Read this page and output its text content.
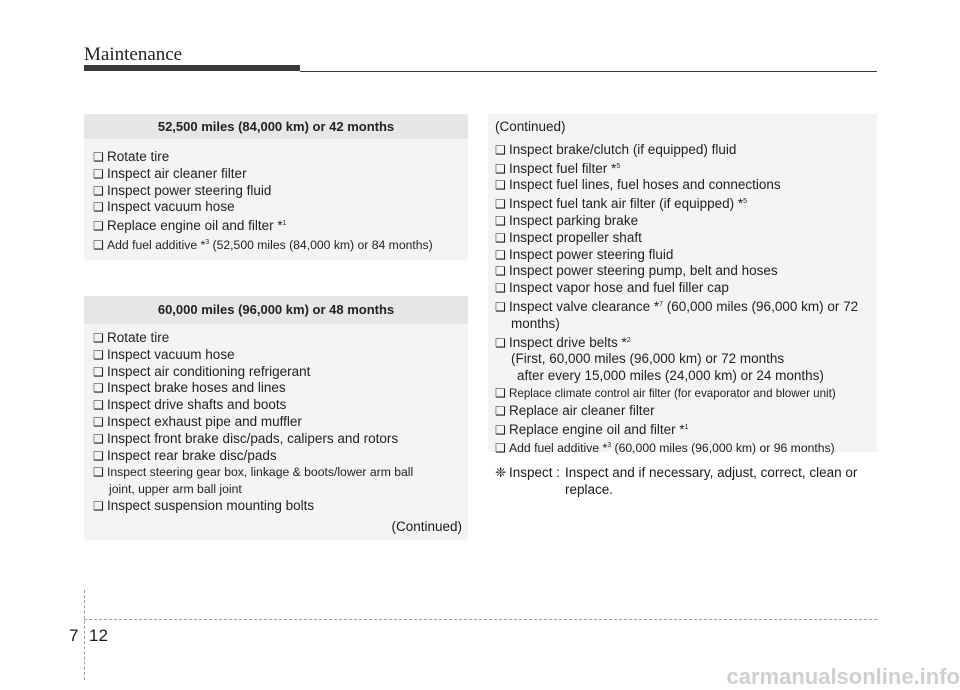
Maintenance
52,500 miles (84,000 km) or 42 months
❑ Rotate tire
❑ Inspect air cleaner filter
❑ Inspect power steering fluid
❑ Inspect vacuum hose
❑ Replace engine oil and filter *$^1$
❑ Add fuel additive *$^3$ (52,500 miles (84,000 km) or 84 months)
60,000 miles (96,000 km) or 48 months
❑ Rotate tire
❑ Inspect vacuum hose
❑ Inspect air conditioning refrigerant
❑ Inspect brake hoses and lines
❑ Inspect drive shafts and boots
❑ Inspect exhaust pipe and muffler
❑ Inspect front brake disc/pads, calipers and rotors
❑ Inspect rear brake disc/pads
❑ Inspect steering gear box, linkage & boots/lower arm ball
joint, upper arm ball joint
❑ Inspect suspension mounting bolts
(Continued)
(Continued)
❑ Inspect brake/clutch (if equipped) fluid
❑ Inspect fuel filter *$^5$
❑ Inspect fuel lines, fuel hoses and connections
❑ Inspect fuel tank air filter (if equipped) *$^5$
❑ Inspect parking brake
❑ Inspect propeller shaft
❑ Inspect power steering fluid
❑ Inspect power steering pump, belt and hoses
❑ Inspect vapor hose and fuel filler cap
❑ Inspect valve clearance *$^7$ (60,000 miles (96,000 km) or 72
months)
❑ Inspect drive belts *$^2$
(First, 60,000 miles (96,000 km) or 72 months
after every 15,000 miles (24,000 km) or 24 months)
❑ Replace climate control air filter (for evaporator and blower unit)
❑ Replace air cleaner filter
❑ Replace engine oil and filter *$^1$
❑ Add fuel additive *$^3$ (60,000 miles (96,000 km) or 96 months)
❈ Inspect : Inspect and if necessary, adjust, correct, clean or
replace.
7 12
carmanualsonline.info
